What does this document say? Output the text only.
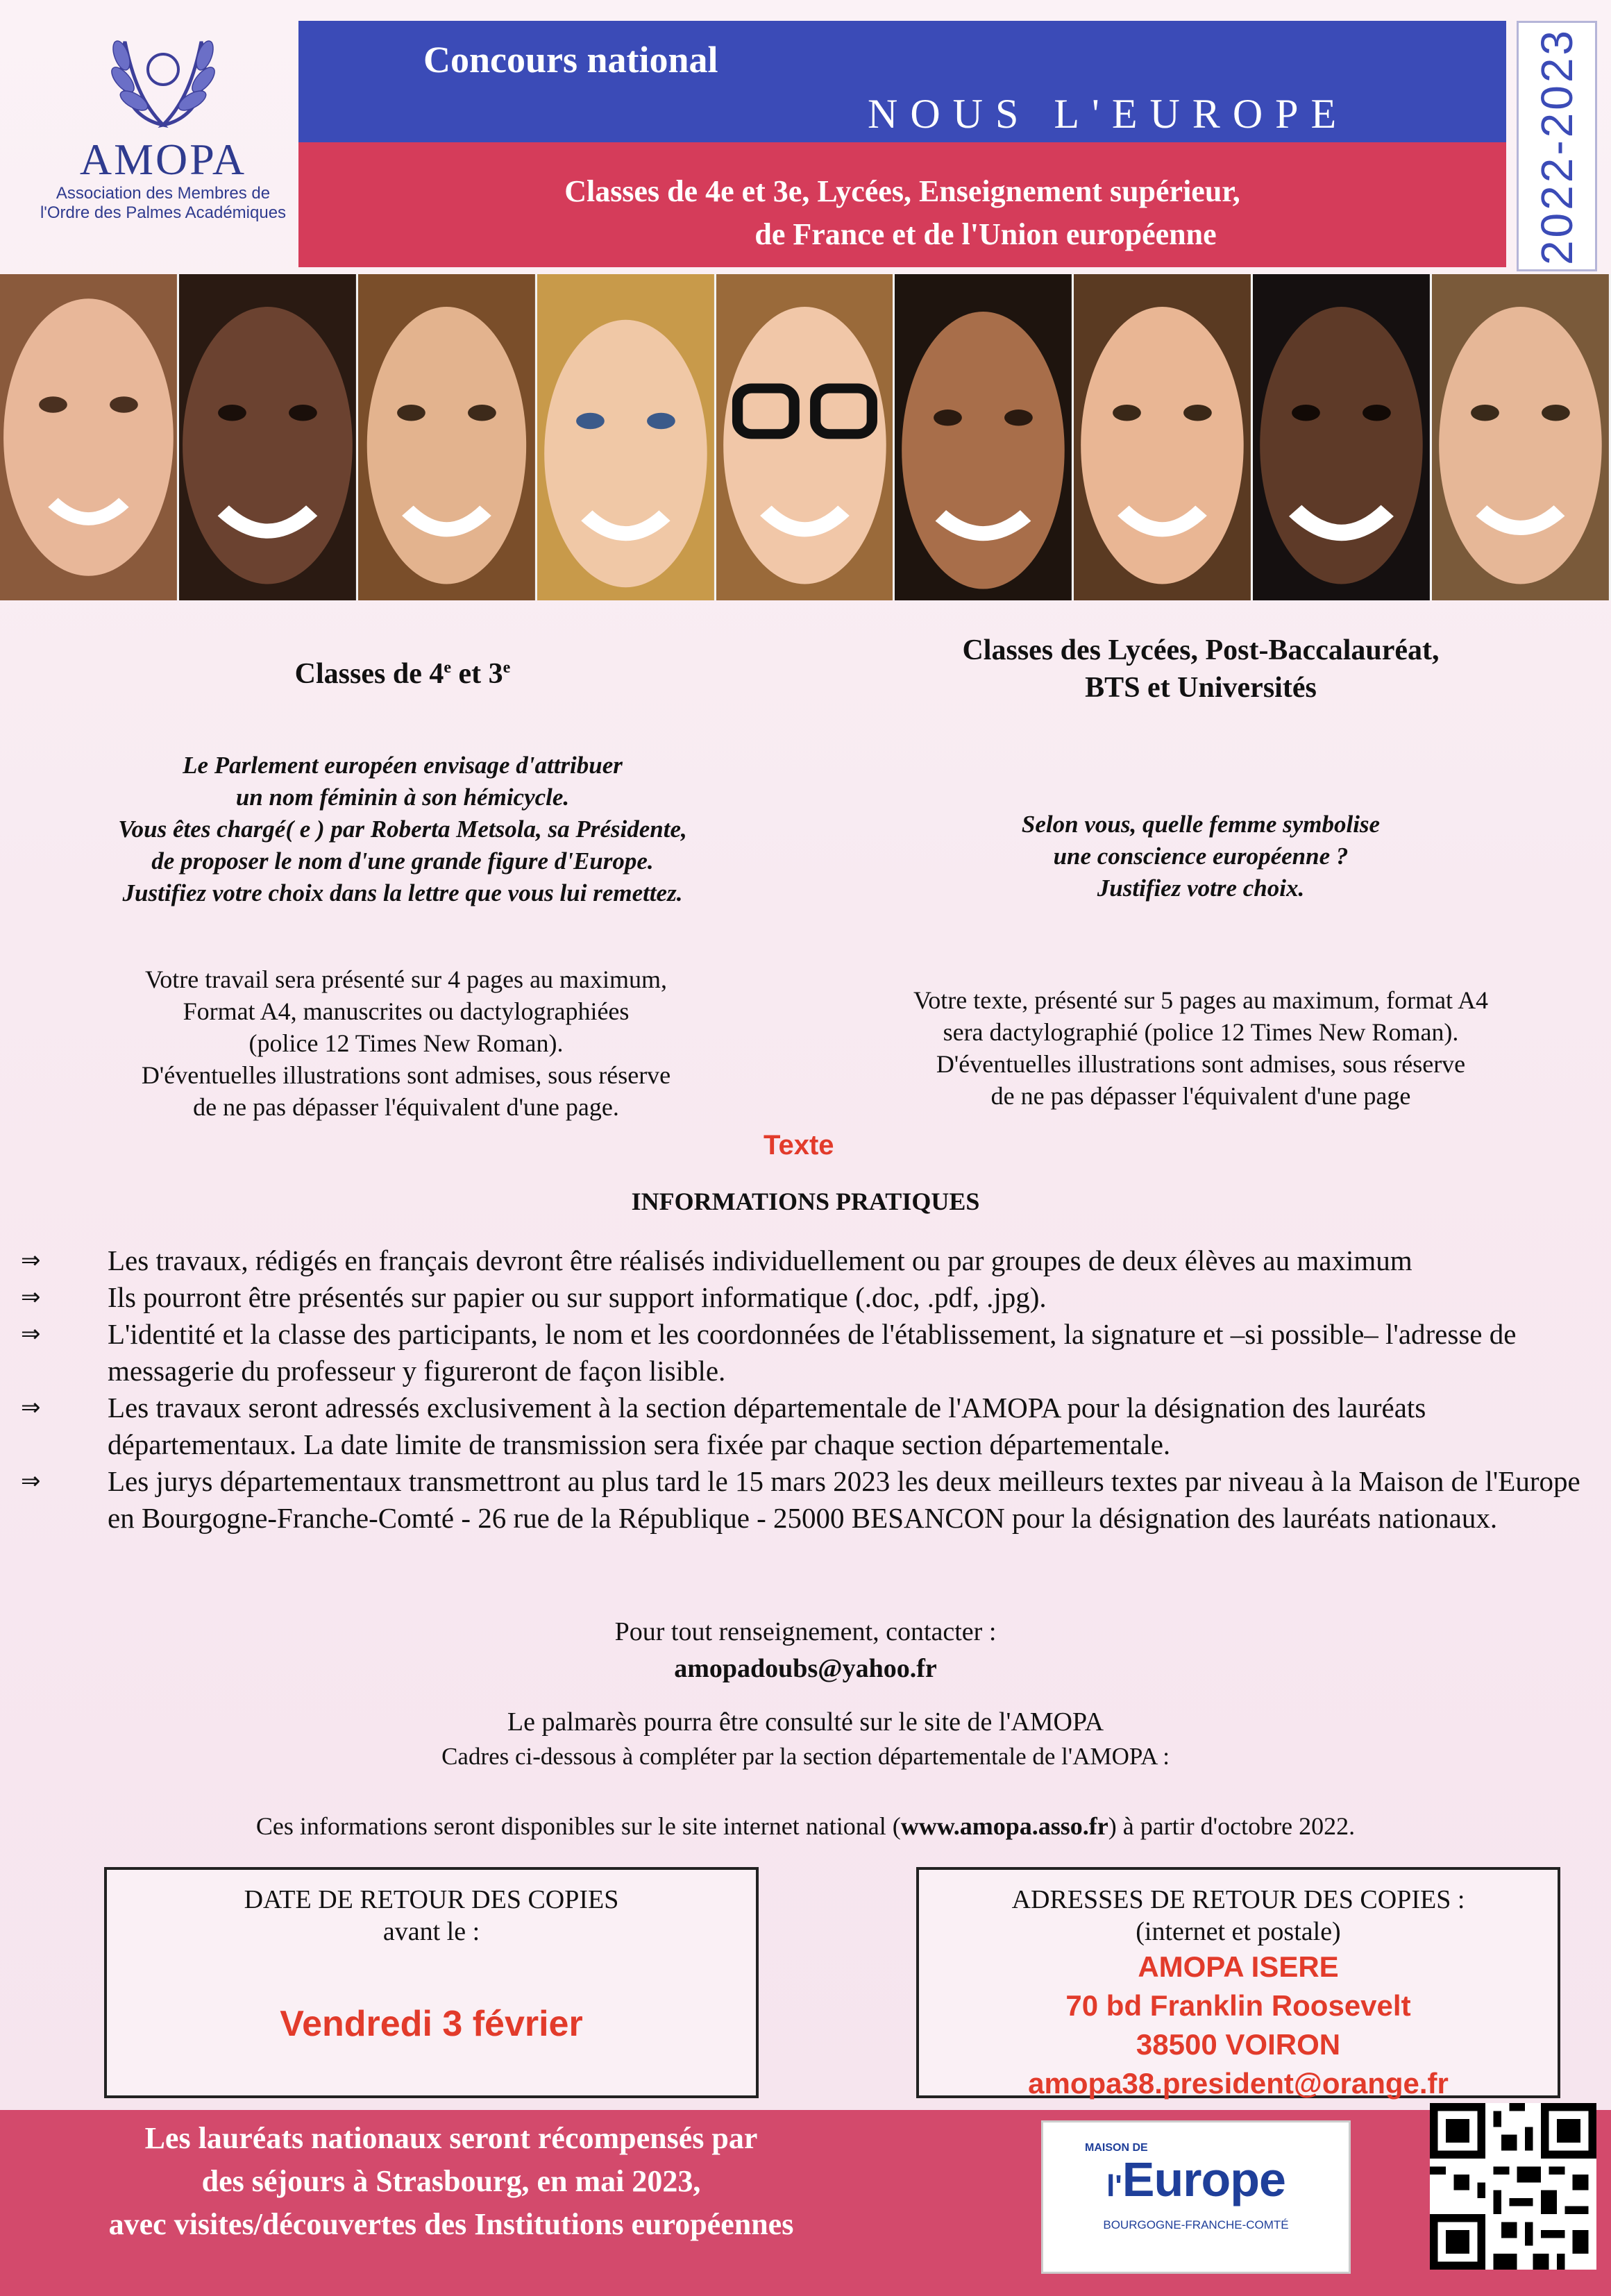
AMOPA
Association des Membres de
l'Ordre des Palmes Académiques
Concours national
NOUS L'EUROPE
Classes de 4e et 3e, Lycées, Enseignement supérieur,
de France et de l'Union européenne	2022-2023
Classes de 4e et 3e
Le Parlement européen envisage d'attribuer
un nom féminin à son hémicycle.
Vous êtes chargé( e ) par Roberta Metsola, sa Présidente,
de proposer le nom d'une grande figure d'Europe.
Justifiez votre choix dans la lettre que vous lui remettez.
Votre travail sera présenté sur 4 pages au maximum,
Format A4, manuscrites ou dactylographiées
(police 12 Times New Roman).
D'éventuelles illustrations sont admises, sous réserve
de ne pas dépasser l'équivalent d'une page.
Classes des Lycées, Post-Baccalauréat,
BTS et Universités
Selon vous, quelle femme symbolise
une conscience européenne ?
Justifiez votre choix.
Votre texte, présenté sur 5 pages au maximum, format A4
sera dactylographié (police 12 Times New Roman).
D'éventuelles illustrations sont admises, sous réserve
de ne pas dépasser l'équivalent d'une page
Texte
INFORMATIONS PRATIQUES
⇒	Les travaux, rédigés en français devront être réalisés individuellement ou par groupes de deux élèves au maximum
⇒	Ils pourront être présentés sur papier ou sur support informatique (.doc, .pdf, .jpg).
⇒	L'identité et la classe des participants, le nom et les coordonnées de l'établissement, la signature et –si possible– l'adresse de messagerie du professeur y figureront de façon lisible.
⇒	Les travaux seront adressés exclusivement à la section départementale de l'AMOPA pour la désignation des lauréats départementaux. La date limite de transmission sera fixée par chaque section départementale.
⇒	Les jurys départementaux transmettront au plus tard le 15 mars 2023 les deux meilleurs textes par niveau à la Maison de l'Europe en Bourgogne-Franche-Comté - 26 rue de la République - 25000 BESANCON pour la désignation des lauréats nationaux.
Pour tout renseignement, contacter :
amopadoubs@yahoo.fr
Le palmarès pourra être consulté sur le site de l'AMOPA
Cadres ci-dessous à compléter par la section départementale de l'AMOPA :
Ces informations seront disponibles sur le site internet national (www.amopa.asso.fr) à partir d'octobre 2022.
DATE DE RETOUR DES COPIES
avant le :
Vendredi 3 février
ADRESSES DE RETOUR DES COPIES :
(internet et postale)
AMOPA ISERE
70 bd Franklin Roosevelt
38500 VOIRON
amopa38.president@orange.fr
Les lauréats nationaux seront récompensés par
des séjours à Strasbourg, en mai 2023,
avec visites/découvertes des Institutions européennes
MAISON DE
l'Europe
BOURGOGNE-FRANCHE-COMTÉ
